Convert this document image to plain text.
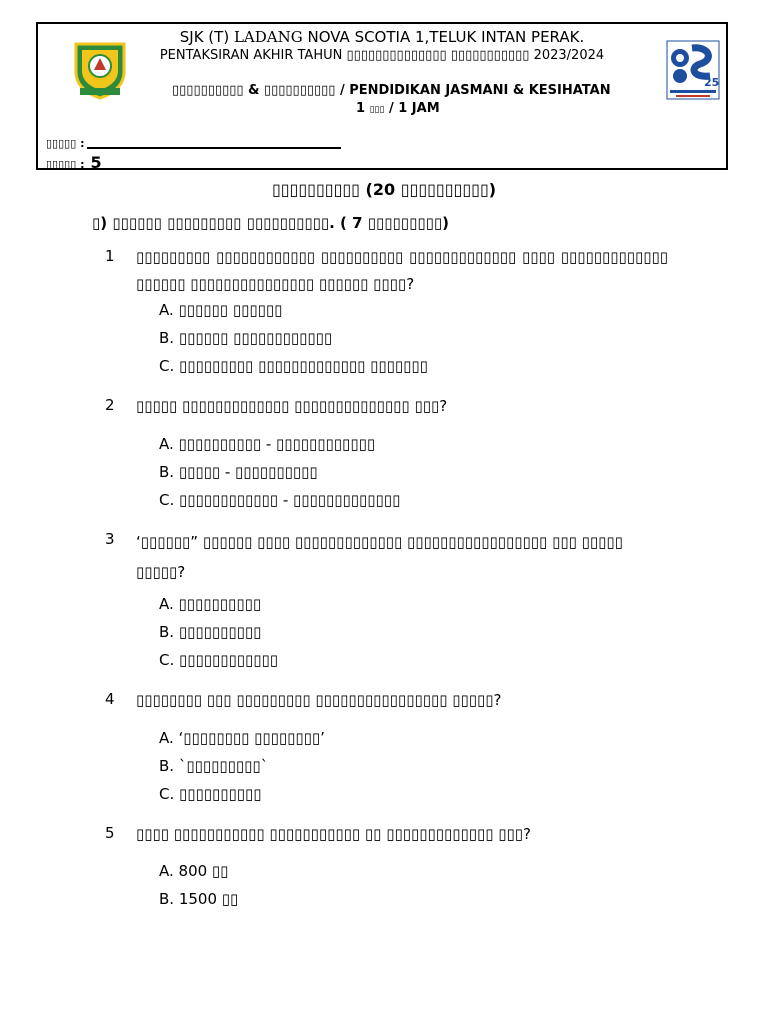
SJK (T) LADANG NOVA SCOTIA 1,TELUK INTAN PERAK.
PENTAKSIRAN AKHIR TAHUN ▯▯▯▯▯▯▯▯▯▯▯▯▯▯ ▯▯▯▯▯▯▯▯▯▯▯ 2023/2024
▯▯▯▯▯▯▯▯▯▯ & ▯▯▯▯▯▯▯▯▯▯ / PENDIDIKAN JASMANI & KESIHATAN
1 ▯▯▯ / 1 JAM
▯▯▯▯▯ :
▯▯▯▯▯ : 5
25
▯▯▯▯▯▯▯▯▯▯ (20 ▯▯▯▯▯▯▯▯▯▯)
▯) ▯▯▯▯▯▯ ▯▯▯▯▯▯▯▯▯ ▯▯▯▯▯▯▯▯▯▯. ( 7 ▯▯▯▯▯▯▯▯▯)
1 ▯▯▯▯▯▯▯▯▯ ▯▯▯▯▯▯▯▯▯▯▯▯ ▯▯▯▯▯▯▯▯▯▯ ▯▯▯▯▯▯▯▯▯▯▯▯▯ ▯▯▯▯ ▯▯▯▯▯▯▯▯▯▯▯▯▯ ▯▯▯▯▯▯ ▯▯▯▯▯▯▯▯▯▯▯▯▯▯▯ ▯▯▯▯▯▯ ▯▯▯▯?
A. ▯▯▯▯▯▯ ▯▯▯▯▯▯
B. ▯▯▯▯▯▯ ▯▯▯▯▯▯▯▯▯▯▯▯
C. ▯▯▯▯▯▯▯▯▯ ▯▯▯▯▯▯▯▯▯▯▯▯▯ ▯▯▯▯▯▯▯
2 ▯▯▯▯▯ ▯▯▯▯▯▯▯▯▯▯▯▯▯ ▯▯▯▯▯▯▯▯▯▯▯▯▯▯ ▯▯▯?
A. ▯▯▯▯▯▯▯▯▯▯ - ▯▯▯▯▯▯▯▯▯▯▯▯
B. ▯▯▯▯▯ - ▯▯▯▯▯▯▯▯▯▯
C. ▯▯▯▯▯▯▯▯▯▯▯▯ - ▯▯▯▯▯▯▯▯▯▯▯▯▯
3 ‘▯▯▯▯▯▯” ▯▯▯▯▯▯ ▯▯▯▯ ▯▯▯▯▯▯▯▯▯▯▯▯▯ ▯▯▯▯▯▯▯▯▯▯▯▯▯▯▯▯▯ ▯▯▯ ▯▯▯▯▯ ▯▯▯▯▯?
A. ▯▯▯▯▯▯▯▯▯▯
B. ▯▯▯▯▯▯▯▯▯▯
C. ▯▯▯▯▯▯▯▯▯▯▯▯
4 ▯▯▯▯▯▯▯▯ ▯▯▯ ▯▯▯▯▯▯▯▯▯ ▯▯▯▯▯▯▯▯▯▯▯▯▯▯▯▯ ▯▯▯▯▯?
A. ‘▯▯▯▯▯▯▯▯ ▯▯▯▯▯▯▯▯’
B. `▯▯▯▯▯▯▯▯▯`
C. ▯▯▯▯▯▯▯▯▯▯
5 ▯▯▯▯ ▯▯▯▯▯▯▯▯▯▯▯ ▯▯▯▯▯▯▯▯▯▯▯ ▯▯ ▯▯▯▯▯▯▯▯▯▯▯▯▯ ▯▯▯?
A. 800 ▯▯
B. 1500 ▯▯
